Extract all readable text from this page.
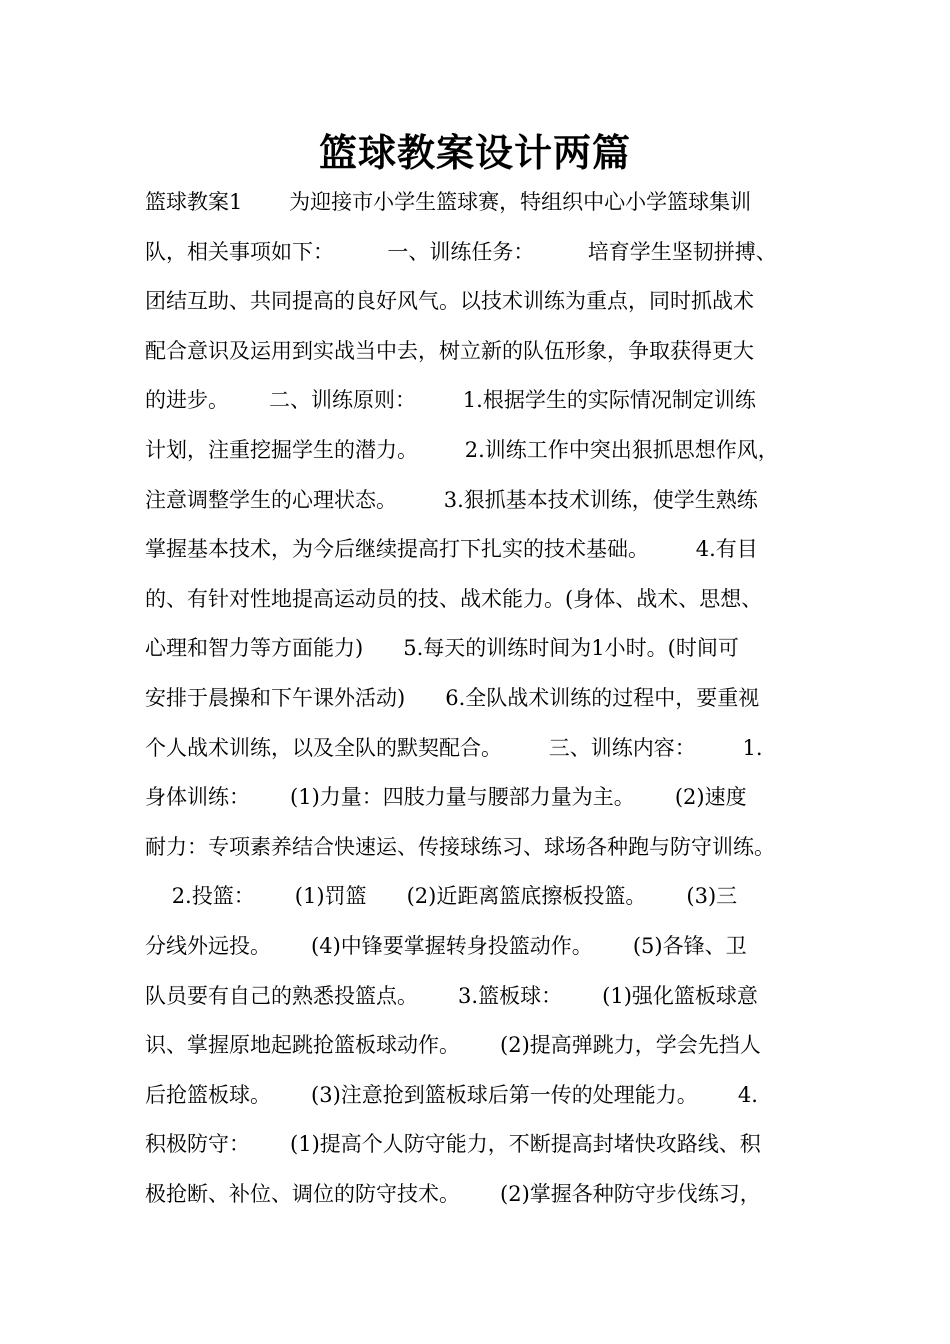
篮球教案设计两篇
篮球教案1       为迎接市小学生篮球赛，特组织中心小学篮球集训
队，相关事项如下：        一、训练任务：        培育学生坚韧拼搏、
团结互助、共同提高的良好风气。以技术训练为重点，同时抓战术
配合意识及运用到实战当中去，树立新的队伍形象，争取获得更大
的进步。      二、训练原则：       1.根据学生的实际情况制定训练
计划，注重挖掘学生的潜力。       2.训练工作中突出狠抓思想作风，
注意调整学生的心理状态。       3.狠抓基本技术训练，使学生熟练
掌握基本技术，为今后继续提高打下扎实的技术基础。       4.有目
的、有针对性地提高运动员的技、战术能力。(身体、战术、思想、
心理和智力等方面能力)      5.每天的训练时间为1小时。(时间可
安排于晨操和下午课外活动)      6.全队战术训练的过程中，要重视
个人战术训练，以及全队的默契配合。       三、训练内容：       1.
身体训练：      (1)力量：四肢力量与腰部力量为主。      (2)速度
耐力：专项素养结合快速运、传接球练习、球场各种跑与防守训练。
2.投篮：      (1)罚篮      (2)近距离篮底擦板投篮。      (3)三
分线外远投。      (4)中锋要掌握转身投篮动作。      (5)各锋、卫
队员要有自己的熟悉投篮点。      3.篮板球：      (1)强化篮板球意
识、掌握原地起跳抢篮板球动作。      (2)提高弹跳力，学会先挡人
后抢篮板球。      (3)注意抢到篮板球后第一传的处理能力。      4.
积极防守：      (1)提高个人防守能力，不断提高封堵快攻路线、积
极抢断、补位、调位的防守技术。      (2)掌握各种防守步伐练习，
